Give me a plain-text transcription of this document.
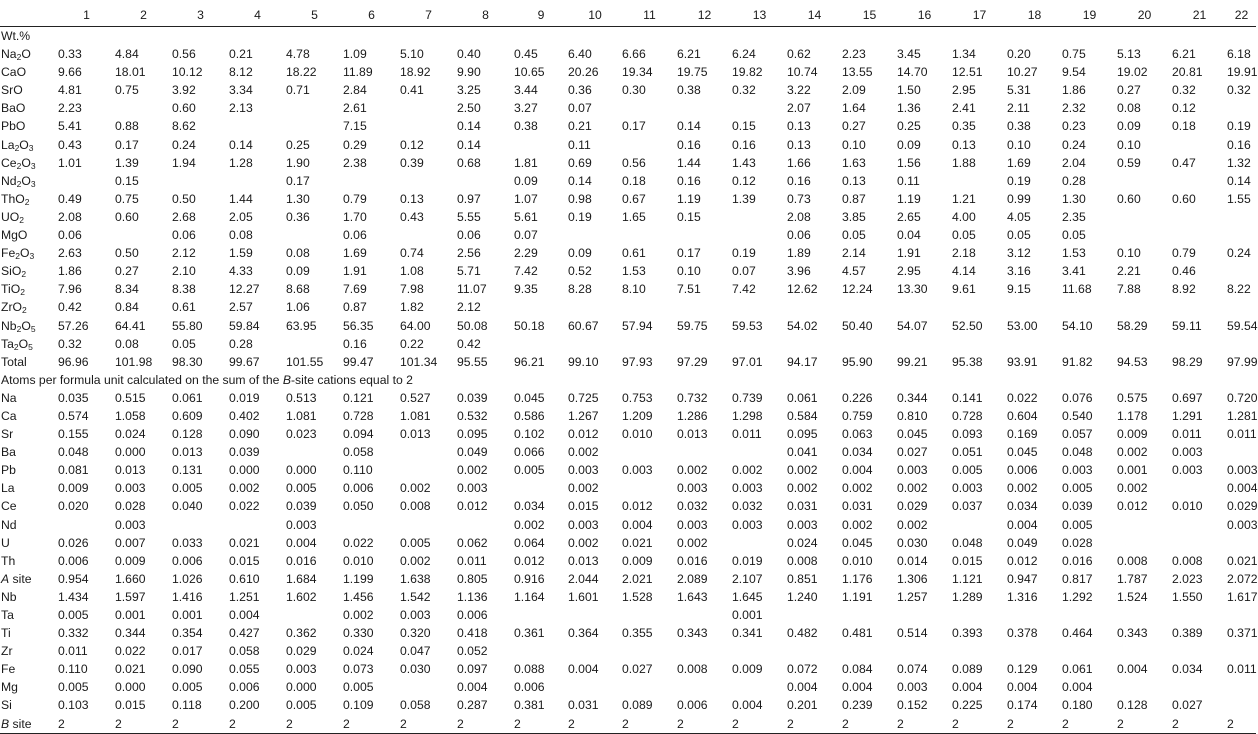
	1	2	3	4	5	6	7	8	9	10	11	12	13	14	15	16	17	18	19	20	21	22
Wt.%																						
$Na_2O$	0.33	4.84	0.56	0.21	4.78	1.09	5.10	0.40	0.45	6.40	6.66	6.21	6.24	0.62	2.23	3.45	1.34	0.20	0.75	5.13	6.21	6.18
CaO	9.66	18.01	10.12	8.12	18.22	11.89	18.92	9.90	10.65	20.26	19.34	19.75	19.82	10.74	13.55	14.70	12.51	10.27	9.54	19.02	20.81	19.91
SrO	4.81	0.75	3.92	3.34	0.71	2.84	0.41	3.25	3.44	0.36	0.30	0.38	0.32	3.22	2.09	1.50	2.95	5.31	1.86	0.27	0.32	0.32
BaO	2.23		0.60	2.13		2.61		2.50	3.27	0.07				2.07	1.64	1.36	2.41	2.11	2.32	0.08	0.12	
PbO	5.41	0.88	8.62			7.15		0.14	0.38	0.21	0.17	0.14	0.15	0.13	0.27	0.25	0.35	0.38	0.23	0.09	0.18	0.19
$La_2O_3$	0.43	0.17	0.24	0.14	0.25	0.29	0.12	0.14		0.11		0.16	0.16	0.13	0.10	0.09	0.13	0.10	0.24	0.10		0.16
$Ce_2O_3$	1.01	1.39	1.94	1.28	1.90	2.38	0.39	0.68	1.81	0.69	0.56	1.44	1.43	1.66	1.63	1.56	1.88	1.69	2.04	0.59	0.47	1.32
$Nd_2O_3$		0.15			0.17				0.09	0.14	0.18	0.16	0.12	0.16	0.13	0.11		0.19	0.28			0.14
ThO$_2$	0.49	0.75	0.50	1.44	1.30	0.79	0.13	0.97	1.07	0.98	0.67	1.19	1.39	0.73	0.87	1.19	1.21	0.99	1.30	0.60	0.60	1.55
$UO_2$	2.08	0.60	2.68	2.05	0.36	1.70	0.43	5.55	5.61	0.19	1.65	0.15		2.08	3.85	2.65	4.00	4.05	2.35			
MgO	0.06		0.06	0.08		0.06		0.06	0.07					0.06	0.05	0.04	0.05	0.05	0.05			
$Fe_2O_3$	2.63	0.50	2.12	1.59	0.08	1.69	0.74	2.56	2.29	0.09	0.61	0.17	0.19	1.89	2.14	1.91	2.18	3.12	1.53	0.10	0.79	0.24
SiO$_2$	1.86	0.27	2.10	4.33	0.09	1.91	1.08	5.71	7.42	0.52	1.53	0.10	0.07	3.96	4.57	2.95	4.14	3.16	3.41	2.21	0.46	
TiO$_2$	7.96	8.34	8.38	12.27	8.68	7.69	7.98	11.07	9.35	8.28	8.10	7.51	7.42	12.62	12.24	13.30	9.61	9.15	11.68	7.88	8.92	8.22
ZrO$_2$	0.42	0.84	0.61	2.57	1.06	0.87	1.82	2.12														
$Nb_2O_5$	57.26	64.41	55.80	59.84	63.95	56.35	64.00	50.08	50.18	60.67	57.94	59.75	59.53	54.02	50.40	54.07	52.50	53.00	54.10	58.29	59.11	59.54
$Ta_2O_5$	0.32	0.08	0.05	0.28		0.16	0.22	0.42														
Total	96.96	101.98	98.30	99.67	101.55	99.47	101.34	95.55	96.21	99.10	97.93	97.29	97.01	94.17	95.90	99.21	95.38	93.91	91.82	94.53	98.29	97.99
Atoms per formula unit calculated on the sum of the B-site cations equal to 2																						
Na	0.035	0.515	0.061	0.019	0.513	0.121	0.527	0.039	0.045	0.725	0.753	0.732	0.739	0.061	0.226	0.344	0.141	0.022	0.076	0.575	0.697	0.720
Ca	0.574	1.058	0.609	0.402	1.081	0.728	1.081	0.532	0.586	1.267	1.209	1.286	1.298	0.584	0.759	0.810	0.728	0.604	0.540	1.178	1.291	1.281
Sr	0.155	0.024	0.128	0.090	0.023	0.094	0.013	0.095	0.102	0.012	0.010	0.013	0.011	0.095	0.063	0.045	0.093	0.169	0.057	0.009	0.011	0.011
Ba	0.048	0.000	0.013	0.039		0.058		0.049	0.066	0.002				0.041	0.034	0.027	0.051	0.045	0.048	0.002	0.003	
Pb	0.081	0.013	0.131	0.000	0.000	0.110		0.002	0.005	0.003	0.003	0.002	0.002	0.002	0.004	0.003	0.005	0.006	0.003	0.001	0.003	0.003
La	0.009	0.003	0.005	0.002	0.005	0.006	0.002	0.003		0.002		0.003	0.003	0.002	0.002	0.002	0.003	0.002	0.005	0.002		0.004
Ce	0.020	0.028	0.040	0.022	0.039	0.050	0.008	0.012	0.034	0.015	0.012	0.032	0.032	0.031	0.031	0.029	0.037	0.034	0.039	0.012	0.010	0.029
Nd		0.003			0.003				0.002	0.003	0.004	0.003	0.003	0.003	0.002	0.002		0.004	0.005			0.003
U	0.026	0.007	0.033	0.021	0.004	0.022	0.005	0.062	0.064	0.002	0.021	0.002		0.024	0.045	0.030	0.048	0.049	0.028			
Th	0.006	0.009	0.006	0.015	0.016	0.010	0.002	0.011	0.012	0.013	0.009	0.016	0.019	0.008	0.010	0.014	0.015	0.012	0.016	0.008	0.008	0.021
A site	0.954	1.660	1.026	0.610	1.684	1.199	1.638	0.805	0.916	2.044	2.021	2.089	2.107	0.851	1.176	1.306	1.121	0.947	0.817	1.787	2.023	2.072
Nb	1.434	1.597	1.416	1.251	1.602	1.456	1.542	1.136	1.164	1.601	1.528	1.643	1.645	1.240	1.191	1.257	1.289	1.316	1.292	1.524	1.550	1.617
Ta	0.005	0.001	0.001	0.004		0.002	0.003	0.006					0.001									
Ti	0.332	0.344	0.354	0.427	0.362	0.330	0.320	0.418	0.361	0.364	0.355	0.343	0.341	0.482	0.481	0.514	0.393	0.378	0.464	0.343	0.389	0.371
Zr	0.011	0.022	0.017	0.058	0.029	0.024	0.047	0.052														
Fe	0.110	0.021	0.090	0.055	0.003	0.073	0.030	0.097	0.088	0.004	0.027	0.008	0.009	0.072	0.084	0.074	0.089	0.129	0.061	0.004	0.034	0.011
Mg	0.005	0.000	0.005	0.006	0.000	0.005		0.004	0.006					0.004	0.004	0.003	0.004	0.004	0.004			
Si	0.103	0.015	0.118	0.200	0.005	0.109	0.058	0.287	0.381	0.031	0.089	0.006	0.004	0.201	0.239	0.152	0.225	0.174	0.180	0.128	0.027	
B site	2	2	2	2	2	2	2	2	2	2	2	2	2	2	2	2	2	2	2	2	2	2
